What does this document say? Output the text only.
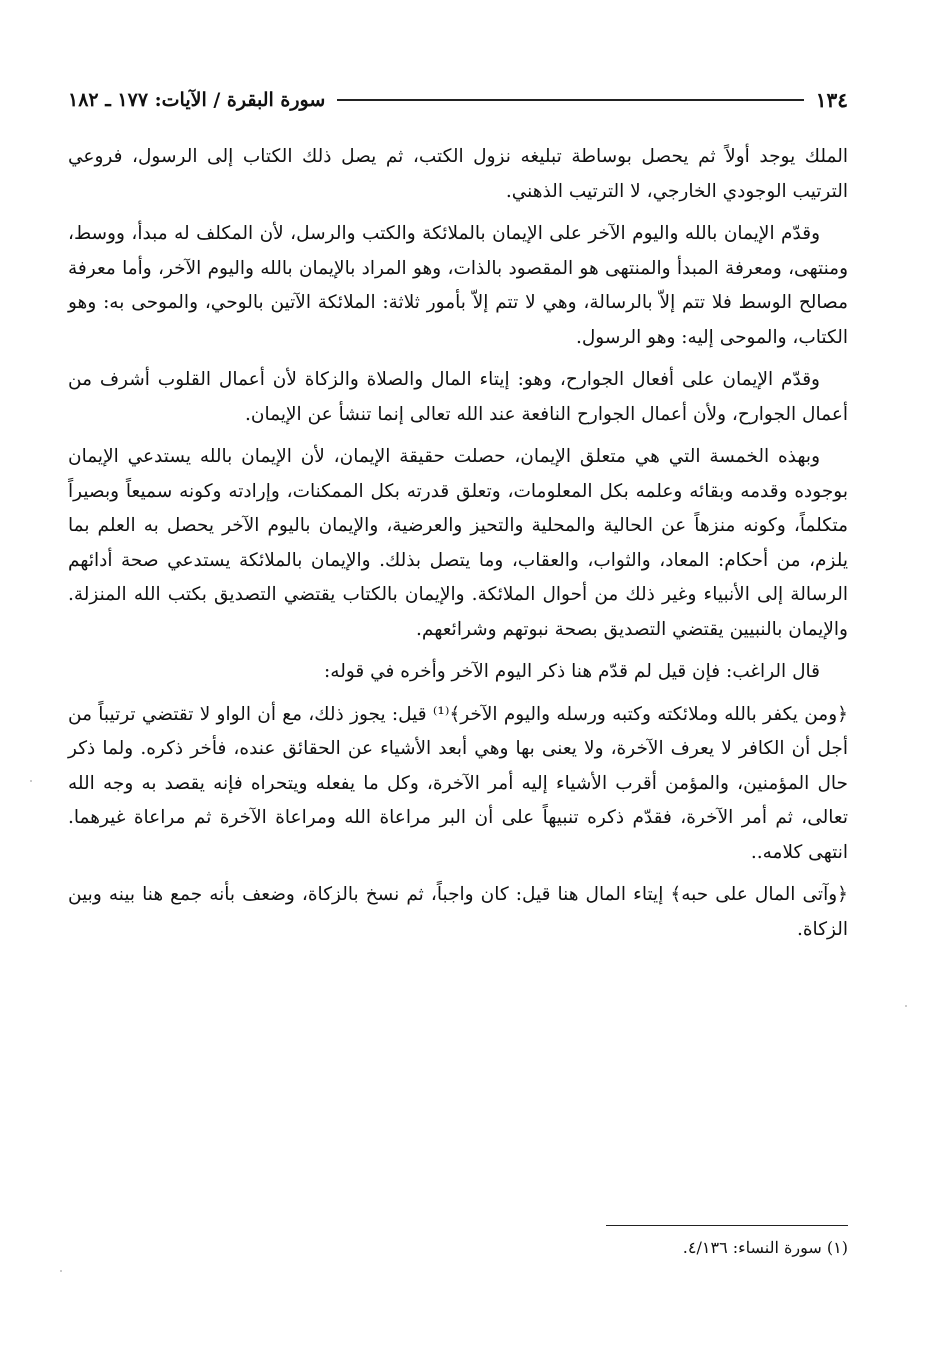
١٣٤
سورة البقرة / الآيات: ١٧٧ ـ ١٨٢

الملك يوجد أولاً ثم يحصل بوساطة تبليغه نزول الكتب، ثم يصل ذلك الكتاب إلى الرسول، فروعي الترتيب الوجودي الخارجي، لا الترتيب الذهني.

وقدّم الإيمان بالله واليوم الآخر على الإيمان بالملائكة والكتب والرسل، لأن المكلف له مبدأ، ووسط، ومنتهى، ومعرفة المبدأ والمنتهى هو المقصود بالذات، وهو المراد بالإيمان بالله واليوم الآخر، وأما معرفة مصالح الوسط فلا تتم إلاّ بالرسالة، وهي لا تتم إلاّ بأمور ثلاثة: الملائكة الآتين بالوحي، والموحى به: وهو الكتاب، والموحى إليه: وهو الرسول.

وقدّم الإيمان على أفعال الجوارح، وهو: إيتاء المال والصلاة والزكاة لأن أعمال القلوب أشرف من أعمال الجوارح، ولأن أعمال الجوارح النافعة عند الله تعالى إنما تنشأ عن الإيمان.

وبهذه الخمسة التي هي متعلق الإيمان، حصلت حقيقة الإيمان، لأن الإيمان بالله يستدعي الإيمان بوجوده وقدمه وبقائه وعلمه بكل المعلومات، وتعلق قدرته بكل الممكنات، وإرادته وكونه سميعاً وبصيراً متكلماً، وكونه منزهاً عن الحالية والمحلية والتحيز والعرضية، والإيمان باليوم الآخر يحصل به العلم بما يلزم، من أحكام: المعاد، والثواب، والعقاب، وما يتصل بذلك. والإيمان بالملائكة يستدعي صحة أدائهم الرسالة إلى الأنبياء وغير ذلك من أحوال الملائكة. والإيمان بالكتاب يقتضي التصديق بكتب الله المنزلة. والإيمان بالنبيين يقتضي التصديق بصحة نبوتهم وشرائعهم.

قال الراغب: فإن قيل لم قدّم هنا ذكر اليوم الآخر وأخره في قوله:

﴿ومن يكفر بالله وملائكته وكتبه ورسله واليوم الآخر﴾⁽¹⁾ قيل: يجوز ذلك، مع أن الواو لا تقتضي ترتيباً من أجل أن الكافر لا يعرف الآخرة، ولا يعنى بها وهي أبعد الأشياء عن الحقائق عنده، فأخر ذكره. ولما ذكر حال المؤمنين، والمؤمن أقرب الأشياء إليه أمر الآخرة، وكل ما يفعله ويتحراه فإنه يقصد به وجه الله تعالى، ثم أمر الآخرة، فقدّم ذكره تنبيهاً على أن البر مراعاة الله ومراعاة الآخرة ثم مراعاة غيرهما. انتهى كلامه..

﴿وآتى المال على حبه﴾ إيتاء المال هنا قيل: كان واجباً، ثم نسخ بالزكاة، وضعف بأنه جمع هنا بينه وبين الزكاة.

(١) سورة النساء: ٤/١٣٦.
